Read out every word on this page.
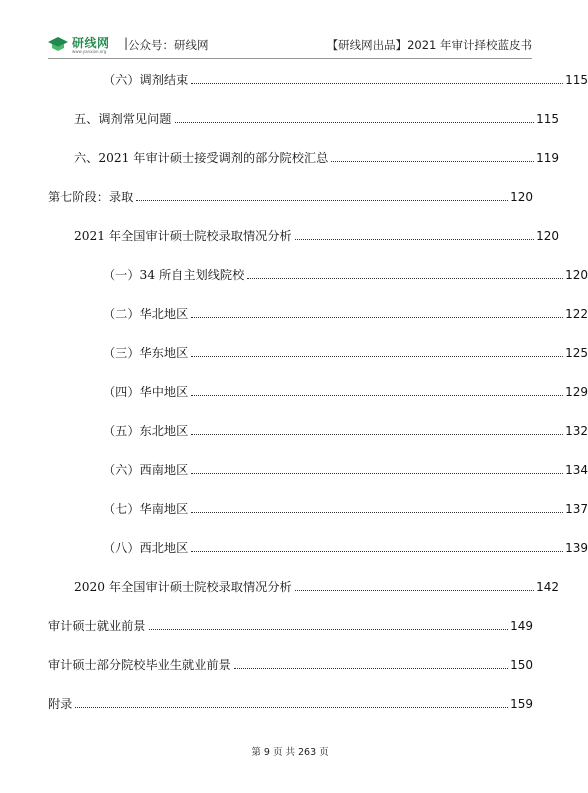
研线网
www.yanxian.org
| 公众号：研线网	【研线网出品】2021 年审计择校蓝皮书
（六）调剂结束	115
五、调剂常见问题	115
六、2021 年审计硕士接受调剂的部分院校汇总	119
第七阶段：录取	120
2021 年全国审计硕士院校录取情况分析	120
（一）34 所自主划线院校	120
（二）华北地区	122
（三）华东地区	125
（四）华中地区	129
（五）东北地区	132
（六）西南地区	134
（七）华南地区	137
（八）西北地区	139
2020 年全国审计硕士院校录取情况分析	142
审计硕士就业前景	149
审计硕士部分院校毕业生就业前景	150
附录	159
第 9 页 共 263 页
